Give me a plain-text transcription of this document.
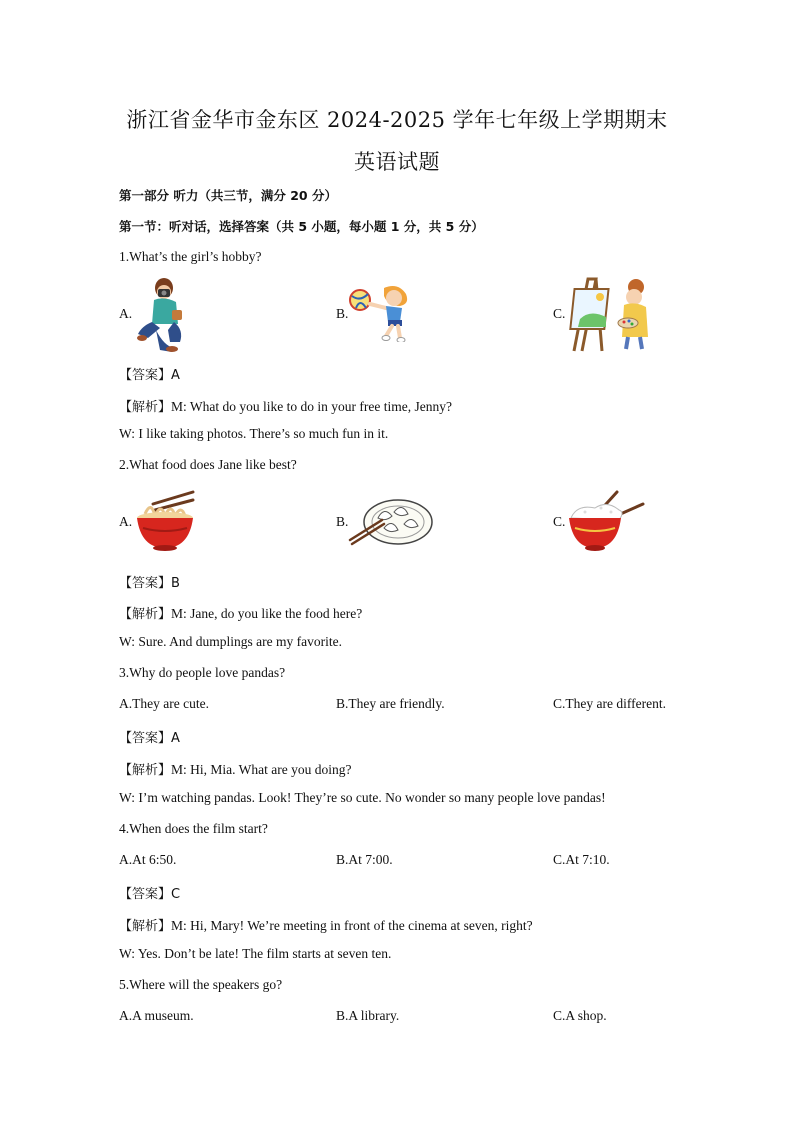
浙江省金华市金东区 2024-2025 学年七年级上学期期末
英语试题
第一部分 听力（共三节，满分 20 分）
第一节：听对话，选择答案（共 5 小题，每小题 1 分，共 5 分）
1.What’s the girl’s hobby?
A.	B.	C.
【答案】A
【解析】M: What do you like to do in your free time, Jenny?
W: I like taking photos. There’s so much fun in it.
2.What food does Jane like best?
A.	B.	C.
【答案】B
【解析】M: Jane, do you like the food here?
W: Sure. And dumplings are my favorite.
3.Why do people love pandas?
A.They are cute.	B.They are friendly.	C.They are different.
【答案】A
【解析】M: Hi, Mia. What are you doing?
W: I’m watching pandas. Look! They’re so cute. No wonder so many people love pandas!
4.When does the film start?
A.At 6:50.	B.At 7:00.	C.At 7:10.
【答案】C
【解析】M: Hi, Mary! We’re meeting in front of the cinema at seven, right?
W: Yes. Don’t be late! The film starts at seven ten.
5.Where will the speakers go?
A.A museum.	B.A library.	C.A shop.
